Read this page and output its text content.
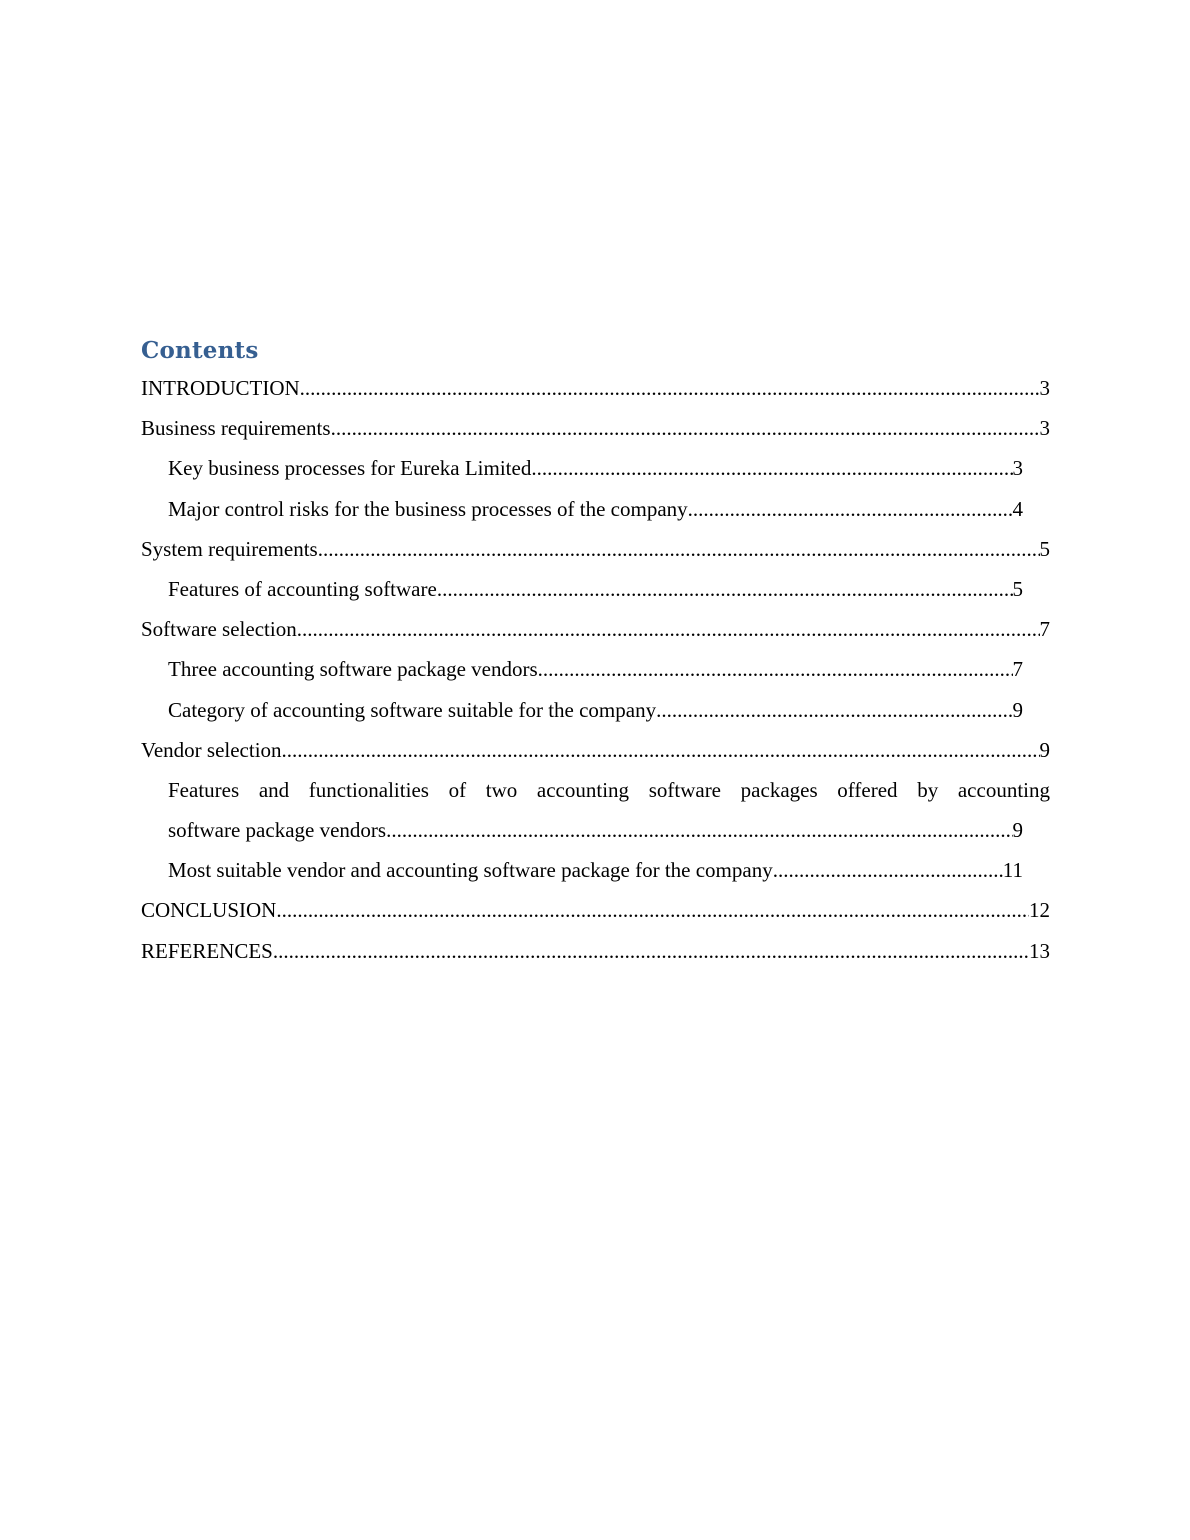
Contents
INTRODUCTION .....	3
Business requirements .....	3
Key business processes for Eureka Limited .....	3
Major control risks for the business processes of the company .....	4
System requirements .....	5
Features of accounting software .....	5
Software selection .....	7
Three accounting software package vendors .....	7
Category of accounting software suitable for the company .....	9
Vendor selection .....	9
Features and functionalities of two accounting software packages offered by accounting
software package vendors .....	9
Most suitable vendor and accounting software package for the company .....	11
CONCLUSION .....	12
REFERENCES .....	13
